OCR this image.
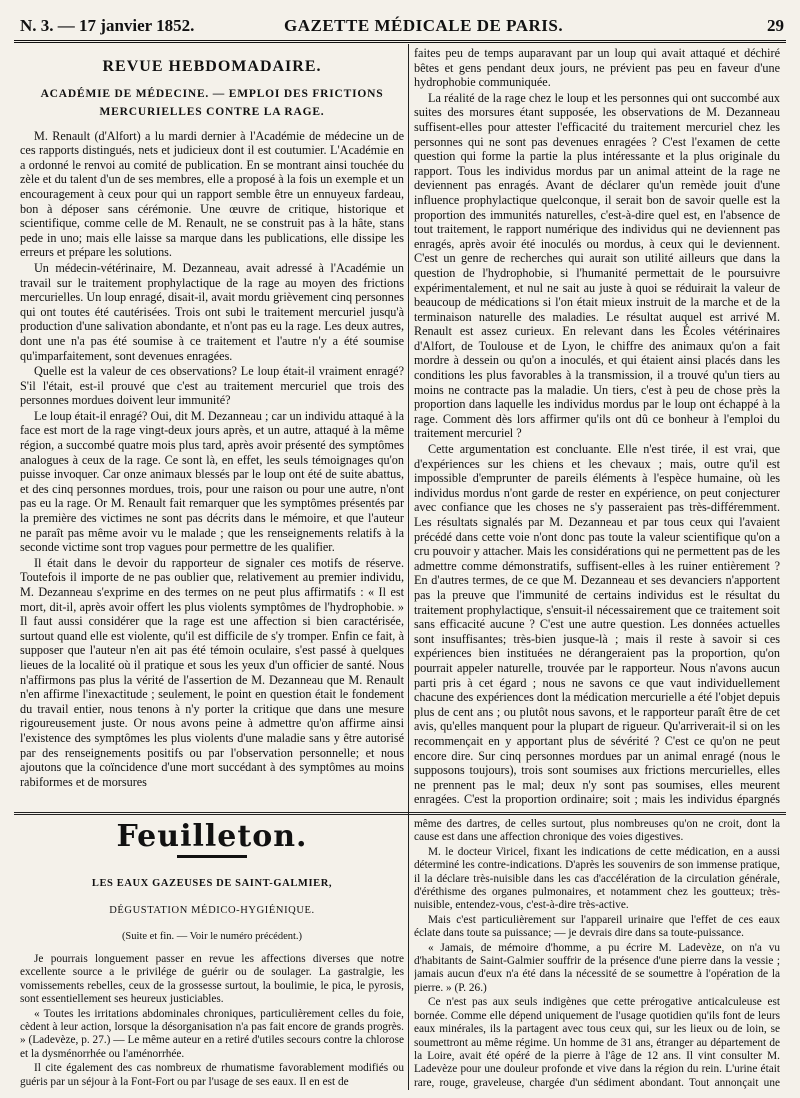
N. 3. — 17 janvier 1852.	GAZETTE MÉDICALE DE PARIS.	29
REVUE HEBDOMADAIRE.
ACADÉMIE DE MÉDECINE. — EMPLOI DES FRICTIONS MERCURIELLES CONTRE LA RAGE.

M. Renault (d'Alfort) a lu mardi dernier à l'Académie de médecine un de ces rapports distingués, nets et judicieux dont il est coutumier. L'Académie en a ordonné le renvoi au comité de publication. En se montrant ainsi touchée du zèle et du talent d'un de ses membres, elle a proposé à la fois un exemple et un encouragement à ceux pour qui un rapport semble être un ennuyeux fardeau, bon à déposer sans cérémonie. Une œuvre de critique, historique et scientifique, comme celle de M. Renault, ne se construit pas à la hâte, stans pede in uno; mais elle laisse sa marque dans les publications, elle dissipe les erreurs et prépare les solutions.

Un médecin-vétérinaire, M. Dezanneau, avait adressé à l'Académie un travail sur le traitement prophylactique de la rage au moyen des frictions mercurielles. Un loup enragé, disait-il, avait mordu grièvement cinq personnes qui ont toutes été cautérisées. Trois ont subi le traitement mercuriel jusqu'à production d'une salivation abondante, et n'ont pas eu la rage. Les deux autres, dont une n'a pas été soumise à ce traitement et l'autre n'y a été soumise qu'imparfaitement, sont devenues enragées.

Quelle est la valeur de ces observations? Le loup était-il vraiment enragé? S'il l'était, est-il prouvé que c'est au traitement mercuriel que trois des personnes mordues doivent leur immunité?

Le loup était-il enragé? Oui, dit M. Dezanneau ; car un individu attaqué à la face est mort de la rage vingt-deux jours après, et un autre, attaqué à la même région, a succombé quatre mois plus tard, après avoir présenté des symptômes analogues à ceux de la rage. Ce sont là, en effet, les seuls témoignages qu'on puisse invoquer. Car onze animaux blessés par le loup ont été de suite abattus, et des cinq personnes mordues, trois, pour une raison ou pour une autre, n'ont pas eu la rage. Or M. Renault fait remarquer que les symptômes présentés par la première des victimes ne sont pas décrits dans le mémoire, et que l'auteur ne paraît pas même avoir vu le malade ; que les renseignements relatifs à la seconde victime sont trop vagues pour permettre de les qualifier.

Il était dans le devoir du rapporteur de signaler ces motifs de réserve. Toutefois il importe de ne pas oublier que, relativement au premier individu, M. Dezanneau s'exprime en des termes on ne peut plus affirmatifs : « Il est mort, dit-il, après avoir offert les plus violents symptômes de l'hydrophobie. » Il faut aussi considérer que la rage est une affection si bien caractérisée, surtout quand elle est violente, qu'il est difficile de s'y tromper. Enfin ce fait, à supposer que l'auteur n'en ait pas été témoin oculaire, s'est passé à quelques lieues de la localité où il pratique et sous les yeux d'un officier de santé. Nous n'affirmons pas plus la vérité de l'assertion de M. Dezanneau que M. Renault n'en affirme l'inexactitude ; seulement, le point en question était le fondement du travail entier, nous tenons à n'y porter la critique que dans une mesure rigoureusement juste. Or nous avons peine à admettre qu'on affirme ainsi l'existence des symptômes les plus violents d'une maladie sans y être autorisé par des renseignements positifs ou par l'observation personnelle; et nous ajoutons que la coïncidence d'une mort succédant à des symptômes au moins rabiformes et de morsures

faites peu de temps auparavant par un loup qui avait attaqué et déchiré bêtes et gens pendant deux jours, ne prévient pas peu en faveur d'une hydrophobie communiquée.

La réalité de la rage chez le loup et les personnes qui ont succombé aux suites des morsures étant supposée, les observations de M. Dezanneau suffisent-elles pour attester l'efficacité du traitement mercuriel chez les personnes qui ne sont pas devenues enragées ? C'est l'examen de cette question qui forme la partie la plus intéressante et la plus originale du rapport. Tous les individus mordus par un animal atteint de la rage ne deviennent pas enragés. Avant de déclarer qu'un remède jouit d'une influence prophylactique quelconque, il serait bon de savoir quelle est la proportion des immunités naturelles, c'est-à-dire quel est, en l'absence de tout traitement, le rapport numérique des individus qui ne deviennent pas enragés, après avoir été inoculés ou mordus, à ceux qui le deviennent. C'est un genre de recherches qui aurait son utilité ailleurs que dans la question de l'hydrophobie, si l'humanité permettait de le poursuivre expérimentalement, et nul ne sait au juste à quoi se réduirait la valeur de beaucoup de médications si l'on était mieux instruit de la marche et de la terminaison naturelle des maladies. Le résultat auquel est arrivé M. Renault est assez curieux. En relevant dans les Écoles vétérinaires d'Alfort, de Toulouse et de Lyon, le chiffre des animaux qu'on a fait mordre à dessein ou qu'on a inoculés, et qui étaient ainsi placés dans les conditions les plus favorables à la transmission, il a trouvé qu'un tiers au moins ne contracte pas la maladie. Un tiers, c'est à peu de chose près la proportion dans laquelle les individus mordus par le loup ont échappé à la rage. Comment dès lors affirmer qu'ils ont dû ce bonheur à l'emploi du traitement mercuriel ?

Cette argumentation est concluante. Elle n'est tirée, il est vrai, que d'expériences sur les chiens et les chevaux ; mais, outre qu'il est impossible d'emprunter de pareils éléments à l'espèce humaine, où les individus mordus n'ont garde de rester en expérience, on peut conjecturer avec confiance que les choses ne s'y passeraient pas très-différemment. Les résultats signalés par M. Dezanneau et par tous ceux qui l'avaient précédé dans cette voie n'ont donc pas toute la valeur scientifique qu'on a cru pouvoir y attacher. Mais les considérations qui ne permettent pas de les admettre comme démonstratifs, suffisent-elles à les ruiner entièrement ? En d'autres termes, de ce que M. Dezanneau et ses devanciers n'apportent pas la preuve que l'immunité de certains individus est le résultat du traitement prophylactique, s'ensuit-il nécessairement que ce traitement soit sans efficacité aucune ? C'est une autre question. Les données actuelles sont insuffisantes; très-bien jusque-là ; mais il reste à savoir si ces expériences bien instituées ne dérangeraient pas la proportion, qu'on pourrait appeler naturelle, trouvée par le rapporteur. Nous n'avons aucun parti pris à cet égard ; nous ne savons ce que vaut individuellement chacune des expériences dont la médication mercurielle a été l'objet depuis plus de cent ans ; ou plutôt nous savons, et le rapporteur paraît être de cet avis, qu'elles manquent pour la plupart de rigueur. Qu'arriverait-il si on les recommençait en y apportant plus de sévérité ? C'est ce qu'on ne peut encore dire. Sur cinq personnes mordues par un animal enragé (nous le supposons toujours), trois sont soumises aux frictions mercurielles, elles ne prennent pas le mal; deux n'y sont pas soumises, elles meurent enragées. C'est la proportion ordinaire; soit ; mais les individus épargnés

Feuilleton.
LES EAUX GAZEUSES DE SAINT-GALMIER,
DÉGUSTATION MÉDICO-HYGIÉNIQUE.
(Suite et fin. — Voir le numéro précédent.)

Je pourrais longuement passer en revue les affections diverses que notre excellente source a le privilége de guérir ou de soulager. La gastralgie, les vomissements rebelles, ceux de la grossesse surtout, la boulimie, le pica, le pyrosis, sont essentiellement ses heureux justiciables.

« Toutes les irritations abdominales chroniques, particulièrement celles du foie, cèdent à leur action, lorsque la désorganisation n'a pas fait encore de grands progrès. » (Ladevèze, p. 27.) — Le même auteur en a retiré d'utiles secours contre la chlorose et la dysménorrhée ou l'aménorrhée.

Il cite également des cas nombreux de rhumatisme favorablement modifiés ou guéris par un séjour à la Font-Fort ou par l'usage de ses eaux. Il en est de

même des dartres, de celles surtout, plus nombreuses qu'on ne croit, dont la cause est dans une affection chronique des voies digestives.

M. le docteur Viricel, fixant les indications de cette médication, en a aussi déterminé les contre-indications. D'après les souvenirs de son immense pratique, il la déclare très-nuisible dans les cas d'accélération de la circulation générale, d'éréthisme des organes pulmonaires, et notamment chez les goutteux; très-nuisible, entendez-vous, c'est-à-dire très-active.

Mais c'est particulièrement sur l'appareil urinaire que l'effet de ces eaux éclate dans toute sa puissance; — je devrais dire dans sa toute-puissance.

« Jamais, de mémoire d'homme, a pu écrire M. Ladevèze, on n'a vu d'habitants de Saint-Galmier souffrir de la présence d'une pierre dans la vessie ; jamais aucun d'eux n'a été dans la nécessité de se soumettre à l'opération de la pierre. » (P. 26.)

Ce n'est pas aux seuls indigènes que cette prérogative anticalculeuse est bornée. Comme elle dépend uniquement de l'usage quotidien qu'ils font de leurs eaux minérales, ils la partagent avec tous ceux qui, sur les lieux ou de loin, se soumettront au même régime. Un homme de 31 ans, étranger au département de la Loire, avait été opéré de la pierre à l'âge de 12 ans. Il vint consulter M. Ladevèze pour une douleur profonde et vive dans la région du rein. L'urine était rare, rouge, graveleuse, chargée d'un sédiment abondant. Tout annonçait une
